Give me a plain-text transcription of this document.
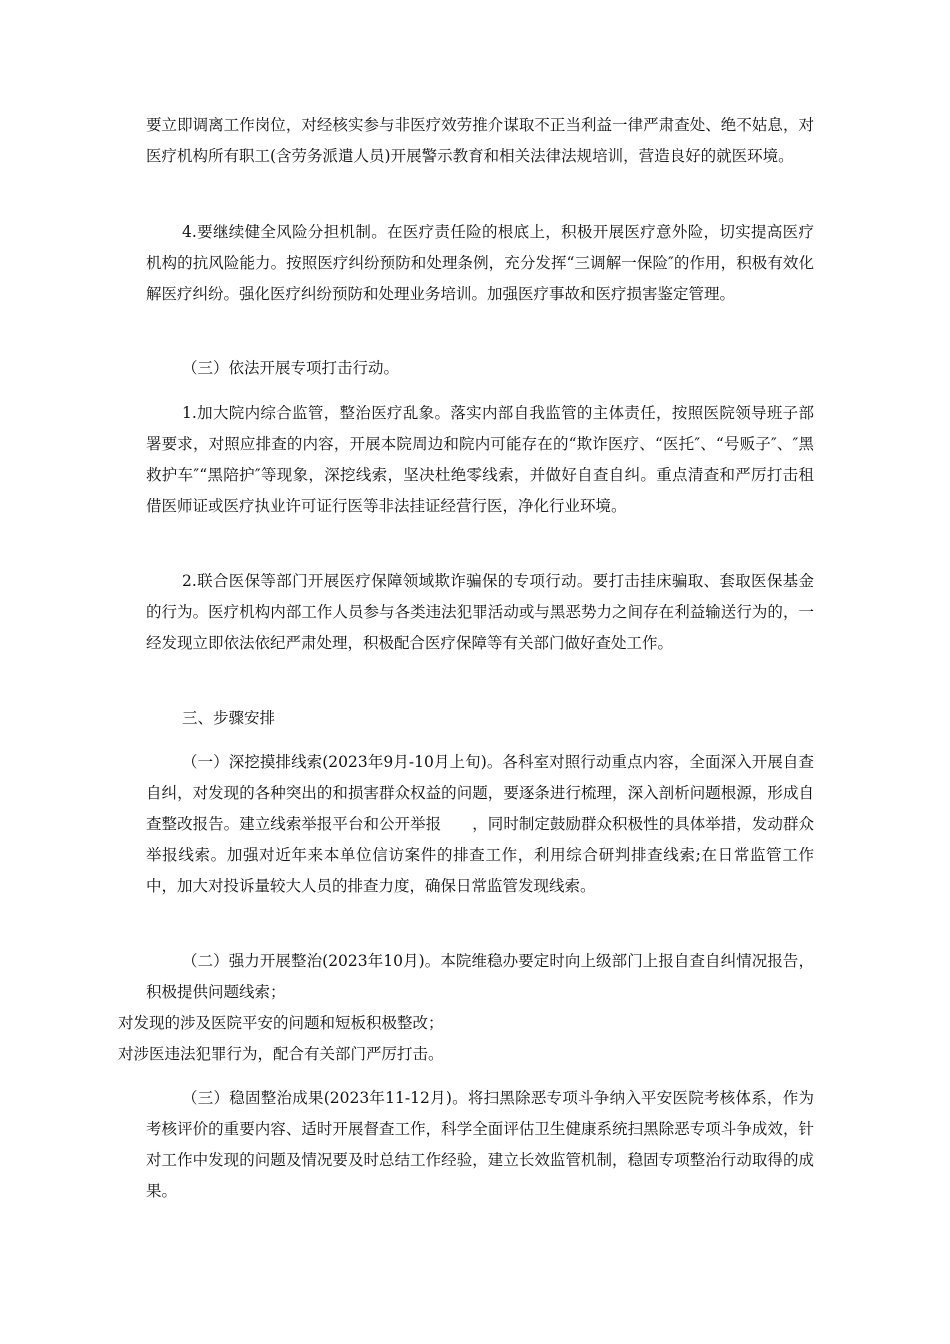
要立即调离工作岗位，对经核实参与非医疗效劳推介谋取不正当利益一律严肃查处、绝不姑息，对医疗机构所有职工(含劳务派遣人员)开展警示教育和相关法律法规培训，营造良好的就医环境。

4.要继续健全风险分担机制。在医疗责任险的根底上，积极开展医疗意外险，切实提高医疗机构的抗风险能力。按照医疗纠纷预防和处理条例，充分发挥“三调解一保险″的作用，积极有效化解医疗纠纷。强化医疗纠纷预防和处理业务培训。加强医疗事故和医疗损害鉴定管理。

（三）依法开展专项打击行动。

1.加大院内综合监管，整治医疗乱象。落实内部自我监管的主体责任，按照医院领导班子部署要求，对照应排查的内容，开展本院周边和院内可能存在的“欺诈医疗、“医托″、“号贩子″、″黑救护车″“黑陪护″等现象，深挖线索，坚决杜绝零线索，并做好自查自纠。重点清查和严厉打击租借医师证或医疗执业许可证行医等非法挂证经营行医，净化行业环境。

2.联合医保等部门开展医疗保障领域欺诈骗保的专项行动。要打击挂床骗取、套取医保基金的行为。医疗机构内部工作人员参与各类违法犯罪活动或与黑恶势力之间存在利益输送行为的，一经发现立即依法依纪严肃处理，积极配合医疗保障等有关部门做好查处工作。

三、步骤安排

（一）深挖摸排线索(2023年9月-10月上旬)。各科室对照行动重点内容，全面深入开展自查自纠，对发现的各种突出的和损害群众权益的问题，要逐条进行梳理，深入剖析问题根源，形成自查整改报告。建立线索举报平台和公开举报　　，同时制定鼓励群众积极性的具体举措，发动群众举报线索。加强对近年来本单位信访案件的排查工作，利用综合研判排查线索;在日常监管工作中，加大对投诉量较大人员的排查力度，确保日常监管发现线索。

（二）强力开展整治(2023年10月)。本院维稳办要定时向上级部门上报自查自纠情况报告，积极提供问题线索；

对发现的涉及医院平安的问题和短板积极整改；

对涉医违法犯罪行为，配合有关部门严厉打击。

（三）稳固整治成果(2023年11-12月)。将扫黑除恶专项斗争纳入平安医院考核体系，作为考核评价的重要内容、适时开展督查工作，科学全面评估卫生健康系统扫黑除恶专项斗争成效，针对工作中发现的问题及情况要及时总结工作经验，建立长效监管机制，稳固专项整治行动取得的成果。
